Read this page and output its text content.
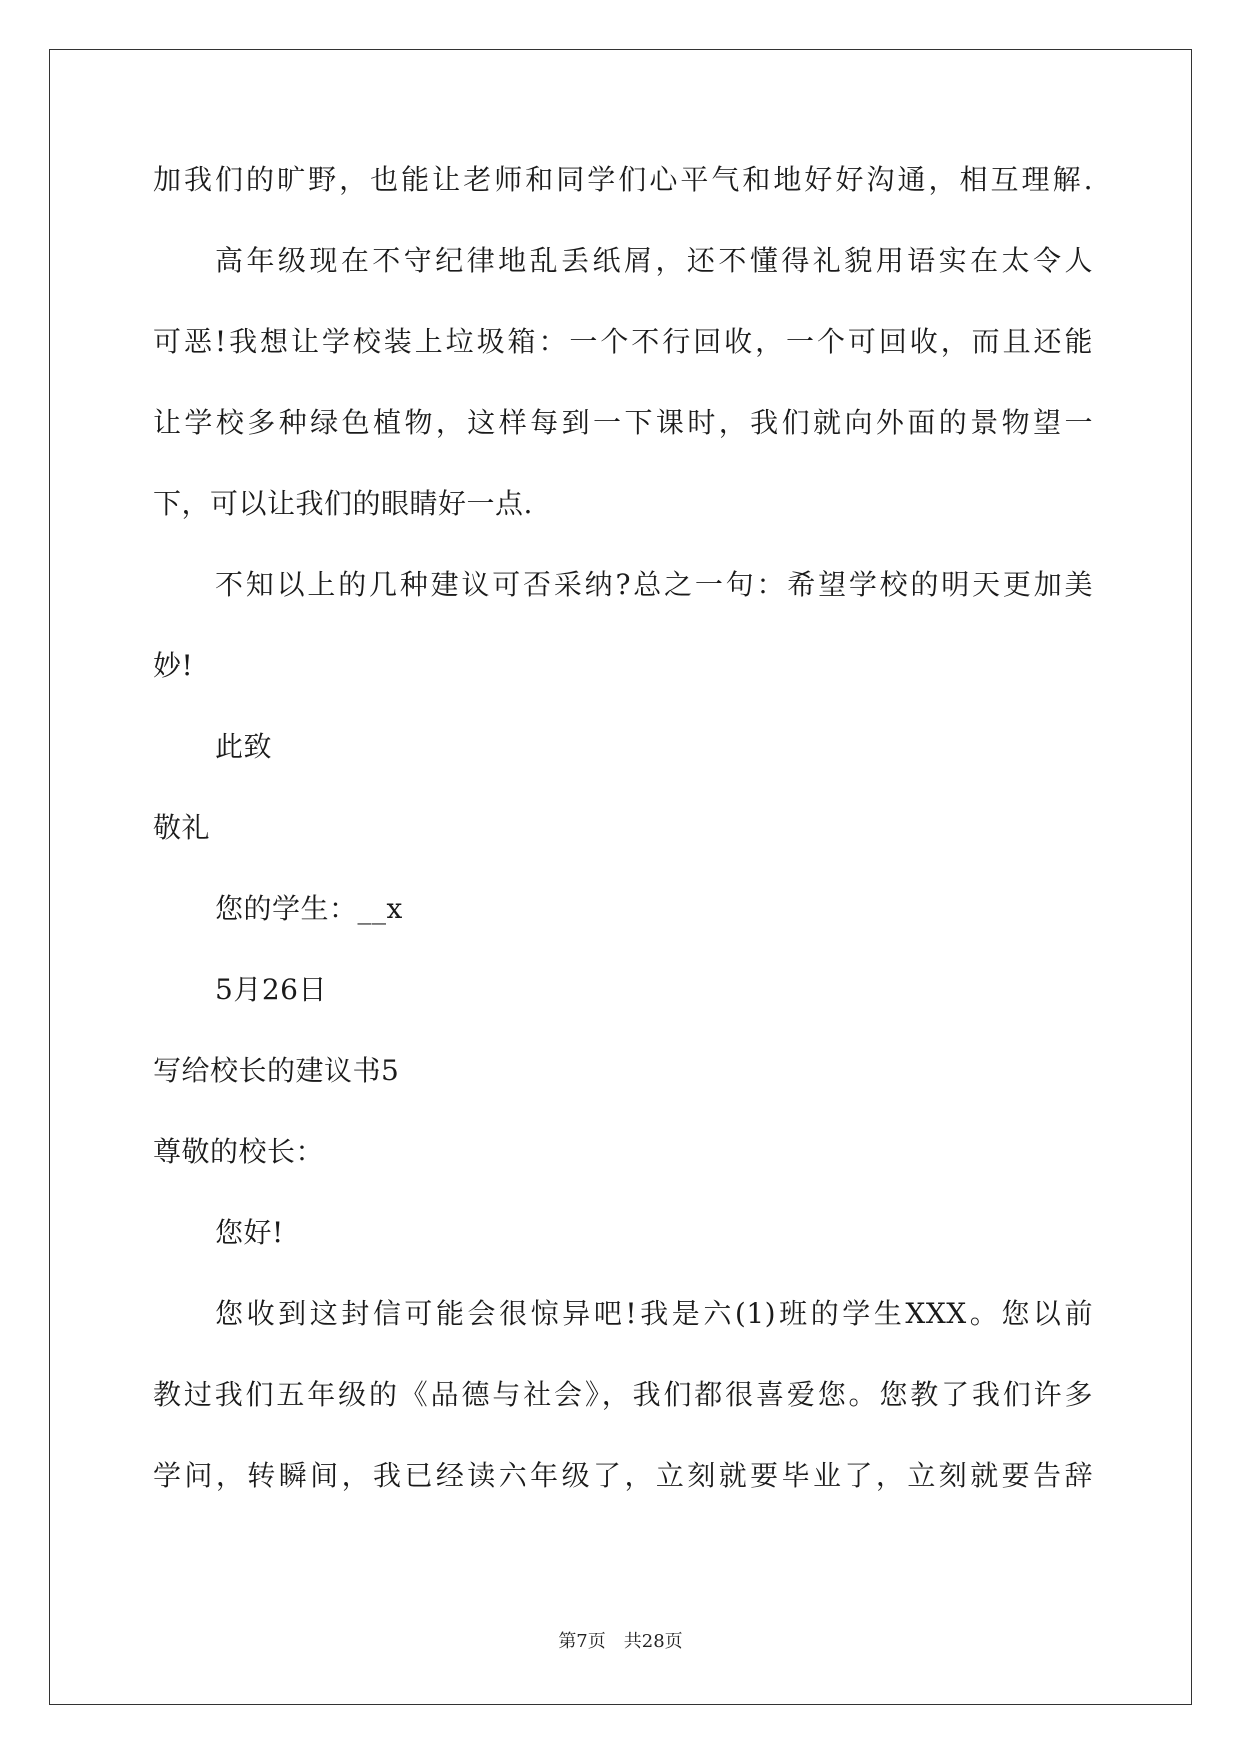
加我们的旷野，也能让老师和同学们心平气和地好好沟通，相互理解.
高年级现在不守纪律地乱丢纸屑，还不懂得礼貌用语实在太令人
可恶!我想让学校装上垃圾箱：一个不行回收，一个可回收，而且还能
让学校多种绿色植物，这样每到一下课时，我们就向外面的景物望一
下，可以让我们的眼睛好一点.
不知以上的几种建议可否采纳?总之一句：希望学校的明天更加美
妙!
此致
敬礼
您的学生：__x
5月26日
写给校长的建议书5
尊敬的校长：
您好!
您收到这封信可能会很惊异吧!我是六(1)班的学生XXX。您以前
教过我们五年级的《品德与社会》，我们都很喜爱您。您教了我们许多
学问，转瞬间，我已经读六年级了，立刻就要毕业了，立刻就要告辞
第7页 共28页
